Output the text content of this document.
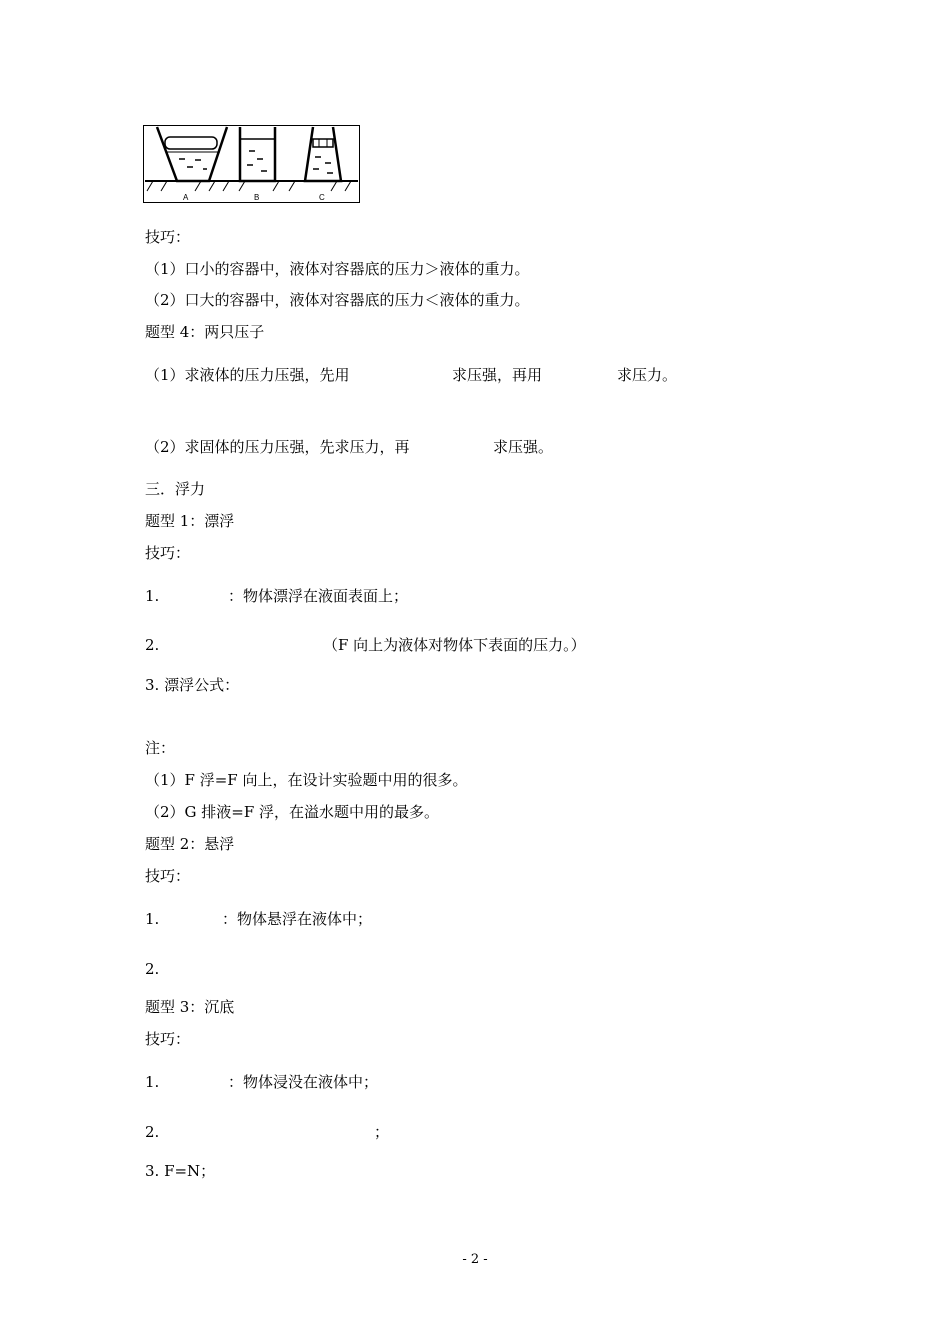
A	B	C
技巧：
（1）口小的容器中，液体对容器底的压力＞液体的重力。
（2）口大的容器中，液体对容器底的压力＜液体的重力。
题型 4：两只压子
（1）求液体的压力压强，先用	求压强，再用	求压力。
（2）求固体的压力压强，先求压力，再	求压强。
三．浮力
题型 1：漂浮
技巧：
1.	：物体漂浮在液面表面上；
2.	（F 向上为液体对物体下表面的压力。）
3. 漂浮公式：
注：
（1）F 浮=F 向上，在设计实验题中用的很多。
（2）G 排液=F 浮，在溢水题中用的最多。
题型 2：悬浮
技巧：
1.	：物体悬浮在液体中；
2.
题型 3：沉底
技巧：
1.	：物体浸没在液体中；
2.	；
3. F=N；
- 2 -
